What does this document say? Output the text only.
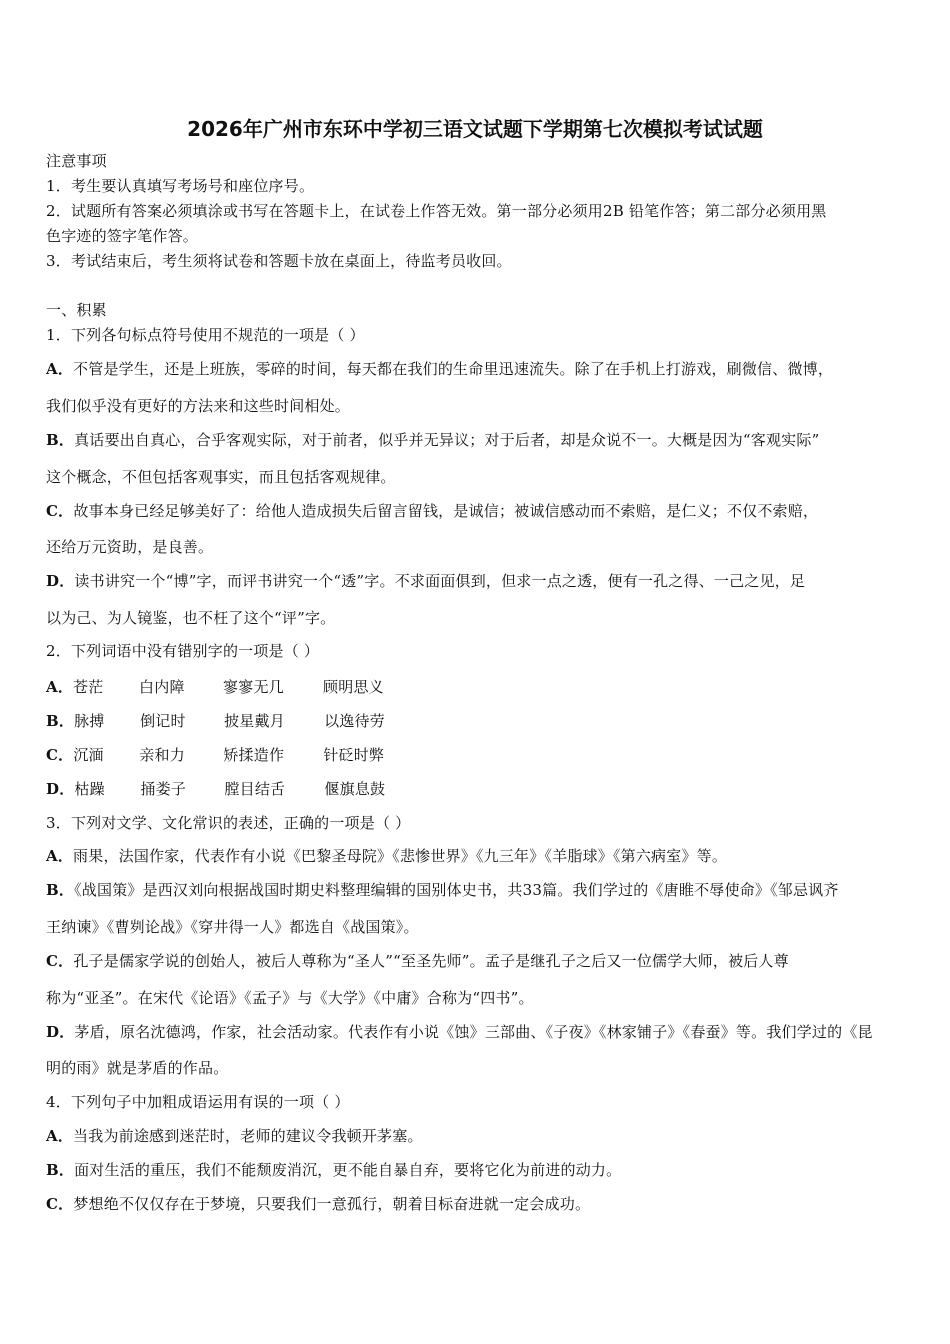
2026年广州市东环中学初三语文试题下学期第七次模拟考试试题
注意事项
1．考生要认真填写考场号和座位序号。
2．试题所有答案必须填涂或书写在答题卡上，在试卷上作答无效。第一部分必须用2B 铅笔作答；第二部分必须用黑
色字迹的签字笔作答。
3．考试结束后，考生须将试卷和答题卡放在桌面上，待监考员收回。
一、积累
1．下列各句标点符号使用不规范的一项是（ ）
A．不管是学生，还是上班族，零碎的时间，每天都在我们的生命里迅速流失。除了在手机上打游戏，刷微信、微博，
我们似乎没有更好的方法来和这些时间相处。
B．真话要出自真心，合乎客观实际，对于前者，似乎并无异议；对于后者，却是众说不一。大概是因为“客观实际”
这个概念，不但包括客观事实，而且包括客观规律。
C．故事本身已经足够美好了：给他人造成损失后留言留钱，是诚信；被诚信感动而不索赔，是仁义；不仅不索赔，
还给万元资助，是良善。
D．读书讲究一个“博”字，而评书讲究一个“透”字。不求面面俱到，但求一点之透，便有一孔之得、一己之见，足
以为己、为人镜鉴，也不枉了这个“评”字。
2．下列词语中没有错别字的一项是（ ）
A．苍茫 白内障	寥寥无几	顾明思义
B．脉搏 倒记时	披星戴月	以逸待劳
C．沉湎 亲和力	矫揉造作	针砭时弊
D．枯躁 捅娄子	膛目结舌	偃旗息鼓
3．下列对文学、文化常识的表述，正确的一项是（ ）
A．雨果，法国作家，代表作有小说《巴黎圣母院》《悲惨世界》《九三年》《羊脂球》《第六病室》等。
B．《战国策》是西汉刘向根据战国时期史料整理编辑的国别体史书，共33篇。我们学过的《唐睢不辱使命》《邹忌讽齐
王纳谏》《曹刿论战》《穿井得一人》都选自《战国策》。
C．孔子是儒家学说的创始人，被后人尊称为“圣人”“至圣先师”。孟子是继孔子之后又一位儒学大师，被后人尊
称为“亚圣”。在宋代《论语》《孟子》与《大学》《中庸》合称为“四书”。
D．茅盾，原名沈德鸿，作家，社会活动家。代表作有小说《蚀》三部曲、《子夜》《林家铺子》《春蚕》等。我们学过的《昆
明的雨》就是茅盾的作品。
4．下列句子中加粗成语运用有误的一项（ ）
A．当我为前途感到迷茫时，老师的建议令我顿开茅塞。
B．面对生活的重压，我们不能颓废消沉，更不能自暴自弃，要将它化为前进的动力。
C．梦想绝不仅仅存在于梦境，只要我们一意孤行，朝着目标奋进就一定会成功。
